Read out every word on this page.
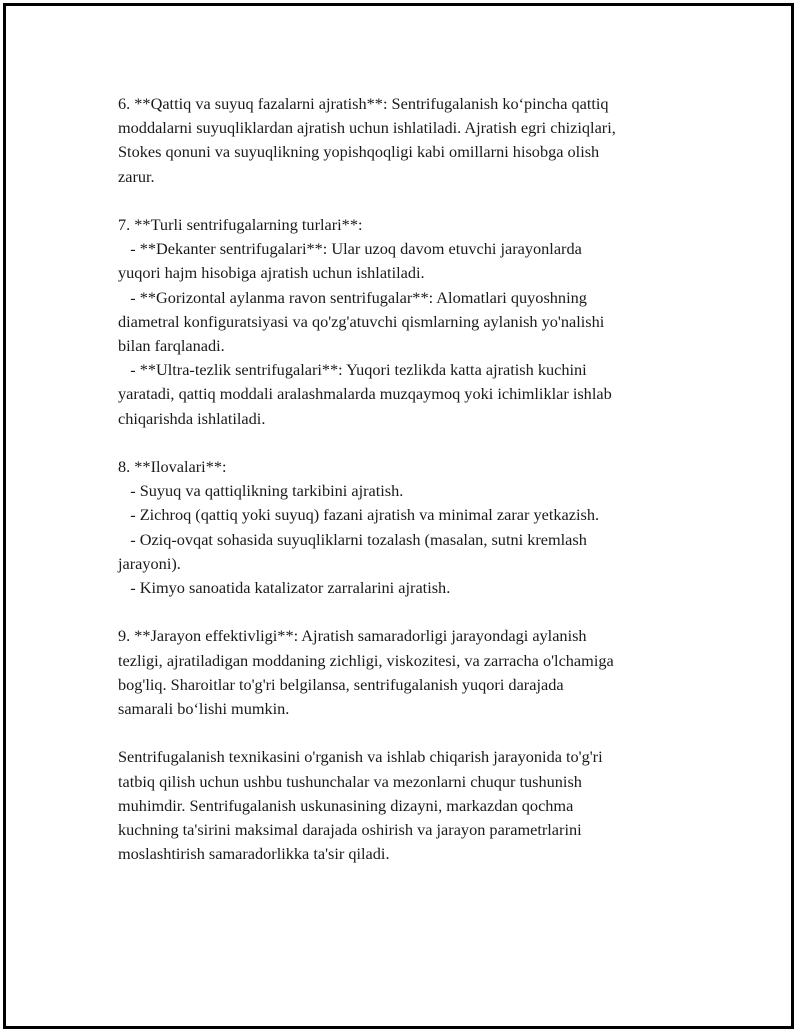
6. **Qattiq va suyuq fazalarni ajratish**: Sentrifugalanish ko‘pincha qattiq
moddalarni suyuqliklardan ajratish uchun ishlatiladi. Ajratish egri chiziqlari,
Stokes qonuni va suyuqlikning yopishqoqligi kabi omillarni hisobga olish
zarur.
7. **Turli sentrifugalarning turlari**:
- **Dekanter sentrifugalari**: Ular uzoq davom etuvchi jarayonlarda
yuqori hajm hisobiga ajratish uchun ishlatiladi.
- **Gorizontal aylanma ravon sentrifugalar**: Alomatlari quyoshning
diametral konfiguratsiyasi va qo'zg'atuvchi qismlarning aylanish yo'nalishi
bilan farqlanadi.
- **Ultra-tezlik sentrifugalari**: Yuqori tezlikda katta ajratish kuchini
yaratadi, qattiq moddali aralashmalarda muzqaymoq yoki ichimliklar ishlab
chiqarishda ishlatiladi.
8. **Ilovalari**:
- Suyuq va qattiqlikning tarkibini ajratish.
- Zichroq (qattiq yoki suyuq) fazani ajratish va minimal zarar yetkazish.
- Oziq-ovqat sohasida suyuqliklarni tozalash (masalan, sutni kremlash
jarayoni).
- Kimyo sanoatida katalizator zarralarini ajratish.
9. **Jarayon effektivligi**: Ajratish samaradorligi jarayondagi aylanish
tezligi, ajratiladigan moddaning zichligi, viskozitesi, va zarracha o'lchamiga
bog'liq. Sharoitlar to'g'ri belgilansa, sentrifugalanish yuqori darajada
samarali bo‘lishi mumkin.
Sentrifugalanish texnikasini o'rganish va ishlab chiqarish jarayonida to'g'ri
tatbiq qilish uchun ushbu tushunchalar va mezonlarni chuqur tushunish
muhimdir. Sentrifugalanish uskunasining dizayni, markazdan qochma
kuchning ta'sirini maksimal darajada oshirish va jarayon parametrlarini
moslashtirish samaradorlikka ta'sir qiladi.
